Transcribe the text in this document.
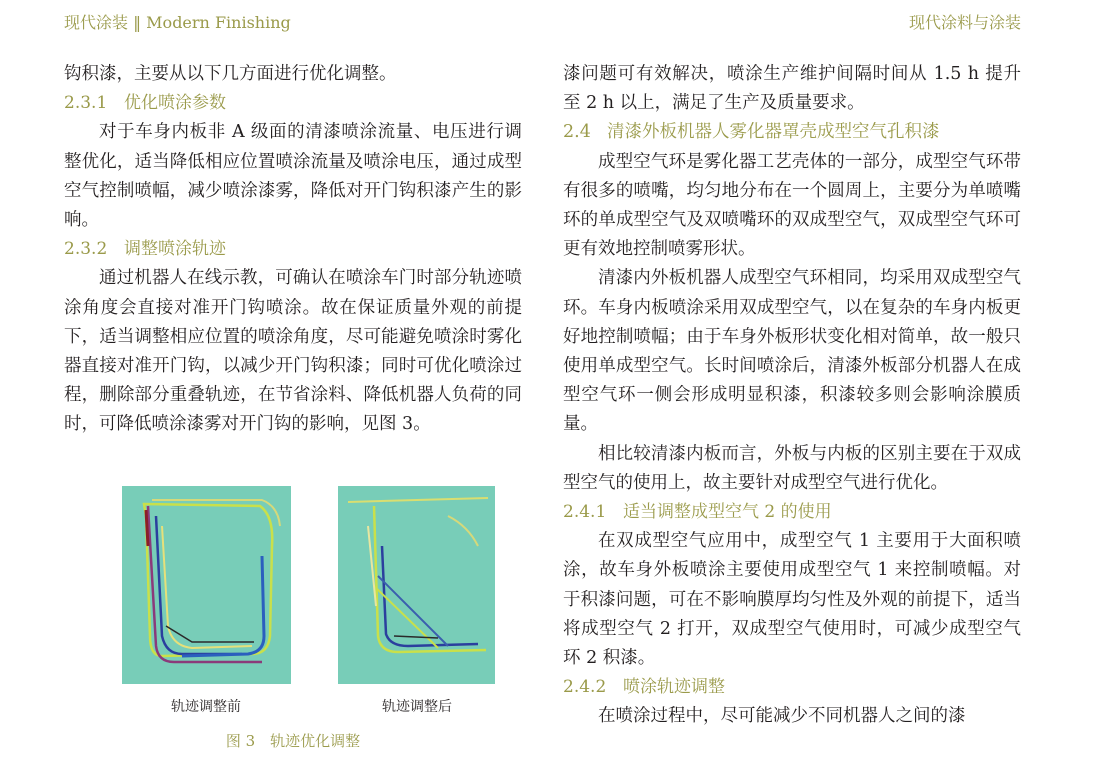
现代涂装 ‖ Modern Finishing	现代涂料与涂装

钩积漆，主要从以下几方面进行优化调整。

2.3.1 优化喷涂参数

对于车身内板非 A 级面的清漆喷涂流量、电压进行调整优化，适当降低相应位置喷涂流量及喷涂电压，通过成型空气控制喷幅，减少喷涂漆雾，降低对开门钩积漆产生的影响。

2.3.2 调整喷涂轨迹

通过机器人在线示教，可确认在喷涂车门时部分轨迹喷涂角度会直接对准开门钩喷涂。故在保证质量外观的前提下，适当调整相应位置的喷涂角度，尽可能避免喷涂时雾化器直接对准开门钩，以减少开门钩积漆；同时可优化喷涂过程，删除部分重叠轨迹，在节省涂料、降低机器人负荷的同时，可降低喷涂漆雾对开门钩的影响，见图 3。

轨迹调整前	轨迹调整后
图 3　轨迹优化调整

漆问题可有效解决，喷涂生产维护间隔时间从 1.5 h 提升至 2 h 以上，满足了生产及质量要求。

2.4 清漆外板机器人雾化器罩壳成型空气孔积漆

成型空气环是雾化器工艺壳体的一部分，成型空气环带有很多的喷嘴，均匀地分布在一个圆周上，主要分为单喷嘴环的单成型空气及双喷嘴环的双成型空气，双成型空气环可更有效地控制喷雾形状。

清漆内外板机器人成型空气环相同，均采用双成型空气环。车身内板喷涂采用双成型空气，以在复杂的车身内板更好地控制喷幅；由于车身外板形状变化相对简单，故一般只使用单成型空气。长时间喷涂后，清漆外板部分机器人在成型空气环一侧会形成明显积漆，积漆较多则会影响涂膜质量。

相比较清漆内板而言，外板与内板的区别主要在于双成型空气的使用上，故主要针对成型空气进行优化。

2.4.1 适当调整成型空气 2 的使用

在双成型空气应用中，成型空气 1 主要用于大面积喷涂，故车身外板喷涂主要使用成型空气 1 来控制喷幅。对于积漆问题，可在不影响膜厚均匀性及外观的前提下，适当将成型空气 2 打开，双成型空气使用时，可减少成型空气环 2 积漆。

2.4.2 喷涂轨迹调整

在喷涂过程中，尽可能减少不同机器人之间的漆
